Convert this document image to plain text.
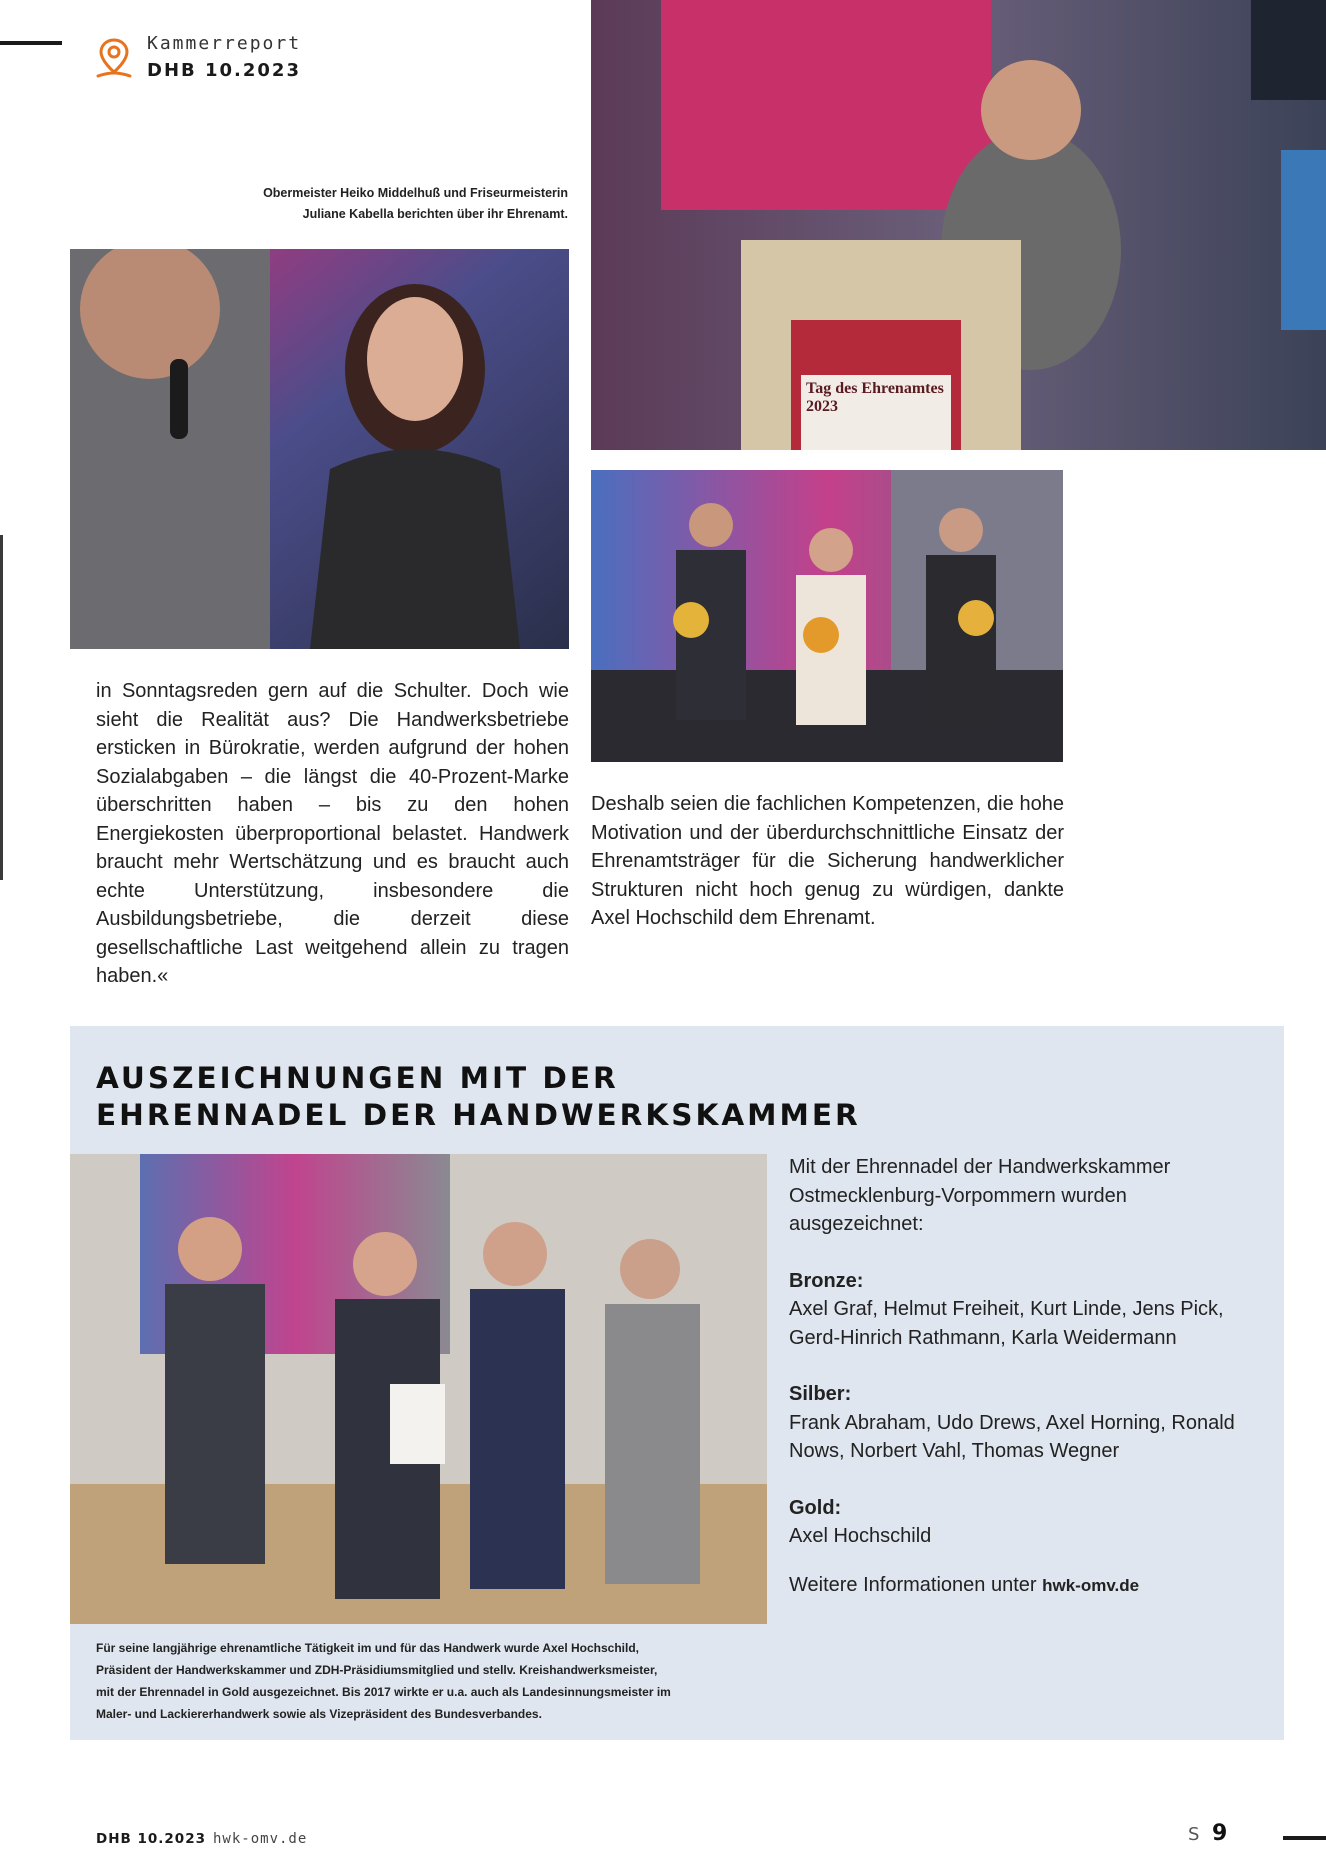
Kammerreport
DHB 10.2023
Tag des Ehrenamtes 2023
Obermeister Heiko Middelhuß und Friseurmeisterin Juliane Kabella berichten über ihr Ehrenamt.
in Sonntagsreden gern auf die Schulter. Doch wie sieht die Realität aus? Die Handwerksbetriebe ersticken in Bürokratie, werden aufgrund der hohen Sozialabgaben – die längst die 40-Prozent-Marke überschritten haben – bis zu den hohen Energiekosten überproportional belastet. Handwerk braucht mehr Wertschätzung und es braucht auch echte Unterstützung, insbesondere die Ausbildungsbetriebe, die derzeit diese gesellschaftliche Last weitgehend allein zu tragen haben.«
Deshalb seien die fachlichen Kompetenzen, die hohe Motivation und der überdurchschnittliche Einsatz der Ehrenamtsträger für die Sicherung handwerklicher Strukturen nicht hoch genug zu würdigen, dankte Axel Hochschild dem Ehrenamt.
AUSZEICHNUNGEN MIT DER
EHRENNADEL DER HANDWERKSKAMMER
Für seine langjährige ehrenamtliche Tätigkeit im und für das Handwerk wurde Axel Hochschild, Präsident der Handwerkskammer und ZDH-Präsidiumsmitglied und stellv. Kreishandwerksmeister, mit der Ehrennadel in Gold ausgezeichnet. Bis 2017 wirkte er u.a. auch als Landesinnungsmeister im Maler- und Lackiererhandwerk sowie als Vizepräsident des Bundesverbandes.

Mit der Ehrennadel der Handwerkskammer Ostmecklenburg-Vorpommern wurden ausgezeichnet:

Bronze:

Axel Graf, Helmut Freiheit, Kurt Linde, Jens Pick, Gerd-Hinrich Rathmann, Karla Weidermann

Silber:

Frank Abraham, Udo Drews, Axel Horning, Ronald Nows, Norbert Vahl, Thomas Wegner

Gold:

Axel Hochschild

Weitere Informationen unter hwk-omv.de

DHB 10.2023 hwk-omv.de	S 9
